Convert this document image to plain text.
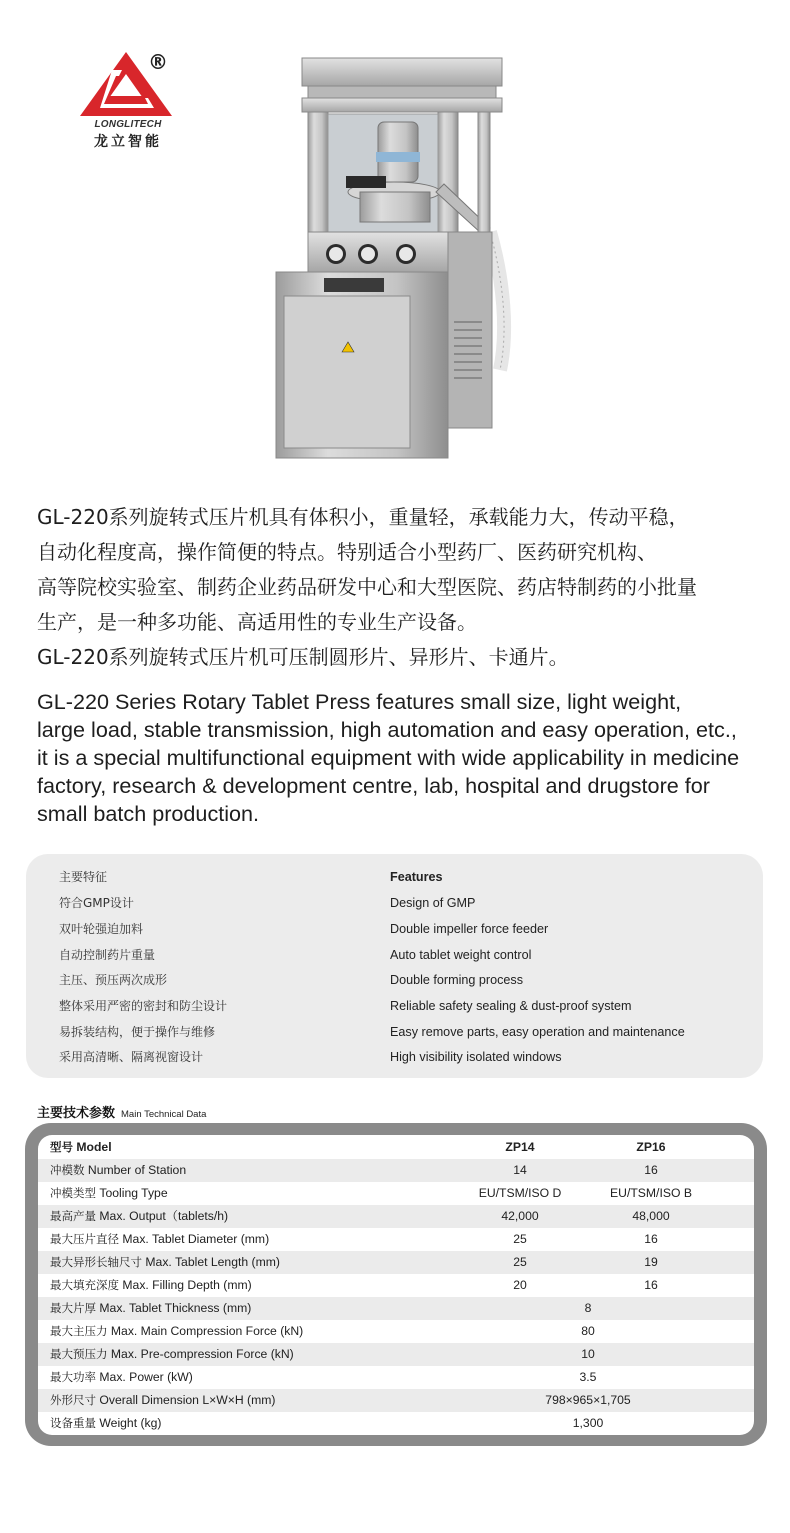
®
LONGLITECH
龙立智能

GL-220系列旋转式压片机具有体积小，重量轻，承载能力大，传动平稳，

自动化程度高，操作简便的特点。特别适合小型药厂、医药研究机构、

高等院校实验室、制药企业药品研发中心和大型医院、药店特制药的小批量

生产，是一种多功能、高适用性的专业生产设备。

GL-220系列旋转式压片机可压制圆形片、异形片、卡通片。

GL-220 Series Rotary Tablet Press features small size, light weight,

large load, stable transmission, high automation and easy operation, etc.,

it is a special multifunctional equipment with wide applicability in medicine

factory, research & development centre, lab, hospital and drugstore for

small batch production.

主要特征	Features
符合GMP设计	Design of GMP
双叶轮强迫加料	Double impeller force feeder
自动控制药片重量	Auto tablet weight control
主压、预压两次成形	Double forming process
整体采用严密的密封和防尘设计	Reliable safety sealing & dust-proof system
易拆装结构，便于操作与维修	Easy remove parts, easy operation and maintenance
采用高清晰、隔离视窗设计	High visibility isolated windows
主要技术参数 Main Technical Data
型号 Model	ZP14	ZP16
冲模数 Number of Station	14	16
冲模类型 Tooling Type	EU/TSM/ISO D	EU/TSM/ISO B
最高产量 Max. Output（tablets/h)	42,000	48,000
最大压片直径 Max. Tablet Diameter (mm)	25	16
最大异形长轴尺寸 Max. Tablet Length (mm)	25	19
最大填充深度 Max. Filling Depth (mm)	20	16
最大片厚 Max. Tablet Thickness (mm)	8
最大主压力 Max. Main Compression Force (kN)	80
最大预压力 Max. Pre-compression Force (kN)	10
最大功率 Max. Power (kW)	3.5
外形尺寸 Overall Dimension L×W×H (mm)	798×965×1,705
设备重量 Weight (kg)	1,300
